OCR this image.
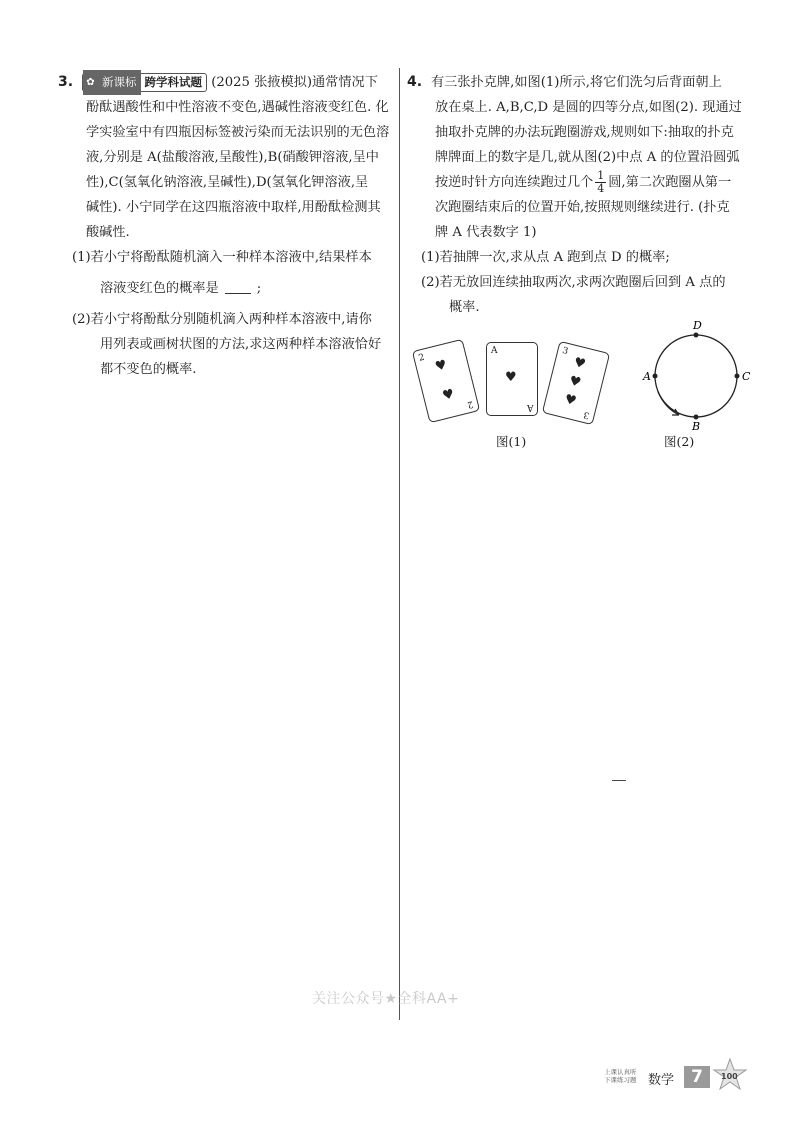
3.	✿ 新课标 跨学科试题 (2025 张掖模拟)通常情况下

酚酞遇酸性和中性溶液不变色,遇碱性溶液变红色. 化

学实验室中有四瓶因标签被污染而无法识别的无色溶

液,分别是 A(盐酸溶液,呈酸性),B(硝酸钾溶液,呈中

性),C(氢氧化钠溶液,呈碱性),D(氢氧化钾溶液,呈

碱性). 小宁同学在这四瓶溶液中取样,用酚酞检测其

酸碱性.

(1)若小宁将酚酞随机滴入一种样本溶液中,结果样本

溶液变红色的概率是	;

(2)若小宁将酚酞分别随机滴入两种样本溶液中,请你

用列表或画树状图的方法,求这两种样本溶液恰好

都不变色的概率.

4. 有三张扑克牌,如图(1)所示,将它们洗匀后背面朝上

放在桌上. A,B,C,D 是圆的四等分点,如图(2). 现通过

抽取扑克牌的办法玩跑圈游戏,规则如下:抽取的扑克

牌牌面上的数字是几,就从图(2)中点 A 的位置沿圆弧

按逆时针方向连续跑过几个 $\frac{1}{4}$ 圆,第二次跑圈从第一

次跑圈结束后的位置开始,按照规则继续进行. (扑克

牌 A 代表数字 1)

(1)若抽牌一次,求从点 A 跑到点 D 的概率;

(2)若无放回连续抽取两次,求两次跑圈后回到 A 点的

概率.

2 ♥
♥ 2
A
♥
A
3
♥
♥
♥
3
图(1)
D
A	C
B
图(2)
关注公众号★全科AA+
上课认真听
下课练习题 数学	7	100
